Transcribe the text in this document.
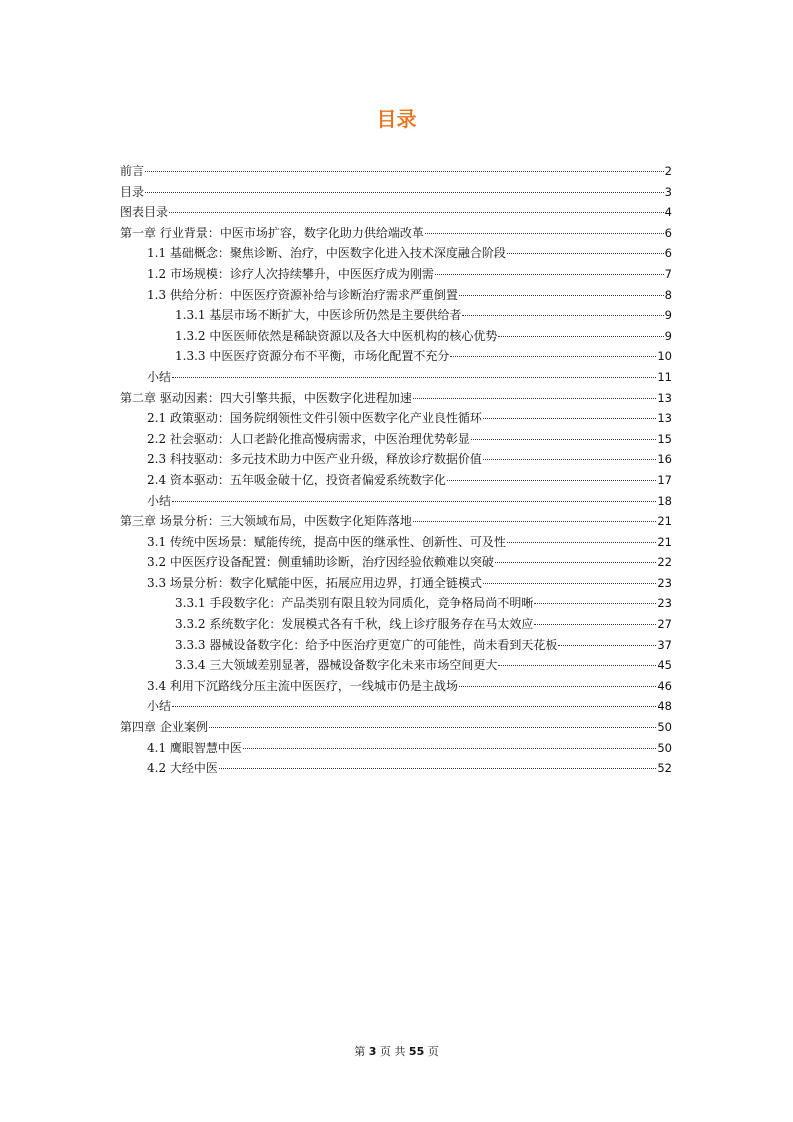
目录
前言	2
目录	3
图表目录	4
第一章 行业背景：中医市场扩容，数字化助力供给端改革	6
1.1 基础概念：聚焦诊断、治疗，中医数字化进入技术深度融合阶段	6
1.2 市场规模：诊疗人次持续攀升，中医医疗成为刚需	7
1.3 供给分析：中医医疗资源补给与诊断治疗需求严重倒置	8
1.3.1 基层市场不断扩大，中医诊所仍然是主要供给者	9
1.3.2 中医医师依然是稀缺资源以及各大中医机构的核心优势	9
1.3.3 中医医疗资源分布不平衡，市场化配置不充分	10
小结	11
第二章 驱动因素：四大引擎共振，中医数字化进程加速	13
2.1 政策驱动：国务院纲领性文件引领中医数字化产业良性循环	13
2.2 社会驱动：人口老龄化推高慢病需求，中医治理优势彰显	15
2.3 科技驱动：多元技术助力中医产业升级，释放诊疗数据价值	16
2.4 资本驱动：五年吸金破十亿，投资者偏爱系统数字化	17
小结	18
第三章 场景分析：三大领域布局，中医数字化矩阵落地	21
3.1 传统中医场景：赋能传统，提高中医的继承性、创新性、可及性	21
3.2 中医医疗设备配置：侧重辅助诊断，治疗因经验依赖难以突破	22
3.3 场景分析：数字化赋能中医，拓展应用边界，打通全链模式	23
3.3.1 手段数字化：产品类别有限且较为同质化，竞争格局尚不明晰	23
3.3.2 系统数字化：发展模式各有千秋，线上诊疗服务存在马太效应	27
3.3.3 器械设备数字化：给予中医治疗更宽广的可能性，尚未看到天花板	37
3.3.4 三大领域差别显著，器械设备数字化未来市场空间更大	45
3.4 利用下沉路线分压主流中医医疗，一线城市仍是主战场	46
小结	48
第四章 企业案例	50
4.1 鹰眼智慧中医	50
4.2 大经中医	52
第 3 页 共 55 页
